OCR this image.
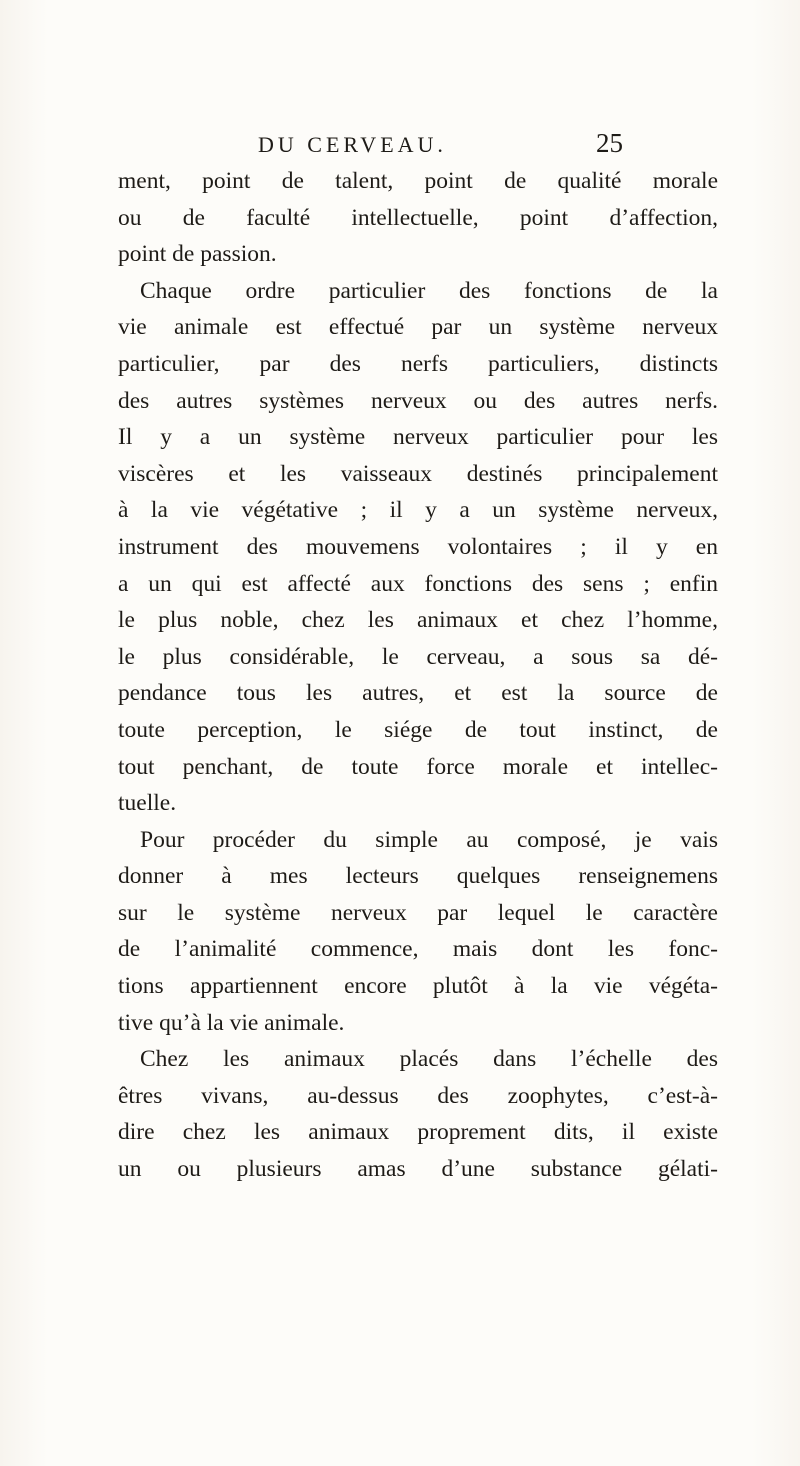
DU CERVEAU.	25
ment, point de talent, point de qualité morale
ou de faculté intellectuelle, point d’affection,
point de passion.
Chaque ordre particulier des fonctions de la
vie animale est effectué par un système nerveux
particulier, par des nerfs particuliers, distincts
des autres systèmes nerveux ou des autres nerfs.
Il y a un système nerveux particulier pour les
viscères et les vaisseaux destinés principalement
à la vie végétative ; il y a un système nerveux,
instrument des mouvemens volontaires ; il y en
a un qui est affecté aux fonctions des sens ; enfin
le plus noble, chez les animaux et chez l’homme,
le plus considérable, le cerveau, a sous sa dé-
pendance tous les autres, et est la source de
toute perception, le siége de tout instinct, de
tout penchant, de toute force morale et intellec-
tuelle.
Pour procéder du simple au composé, je vais
donner à mes lecteurs quelques renseignemens
sur le système nerveux par lequel le caractère
de l’animalité commence, mais dont les fonc-
tions appartiennent encore plutôt à la vie végéta-
tive qu’à la vie animale.
Chez les animaux placés dans l’échelle des
êtres vivans, au-dessus des zoophytes, c’est-à-
dire chez les animaux proprement dits, il existe
un ou plusieurs amas d’une substance gélati-
